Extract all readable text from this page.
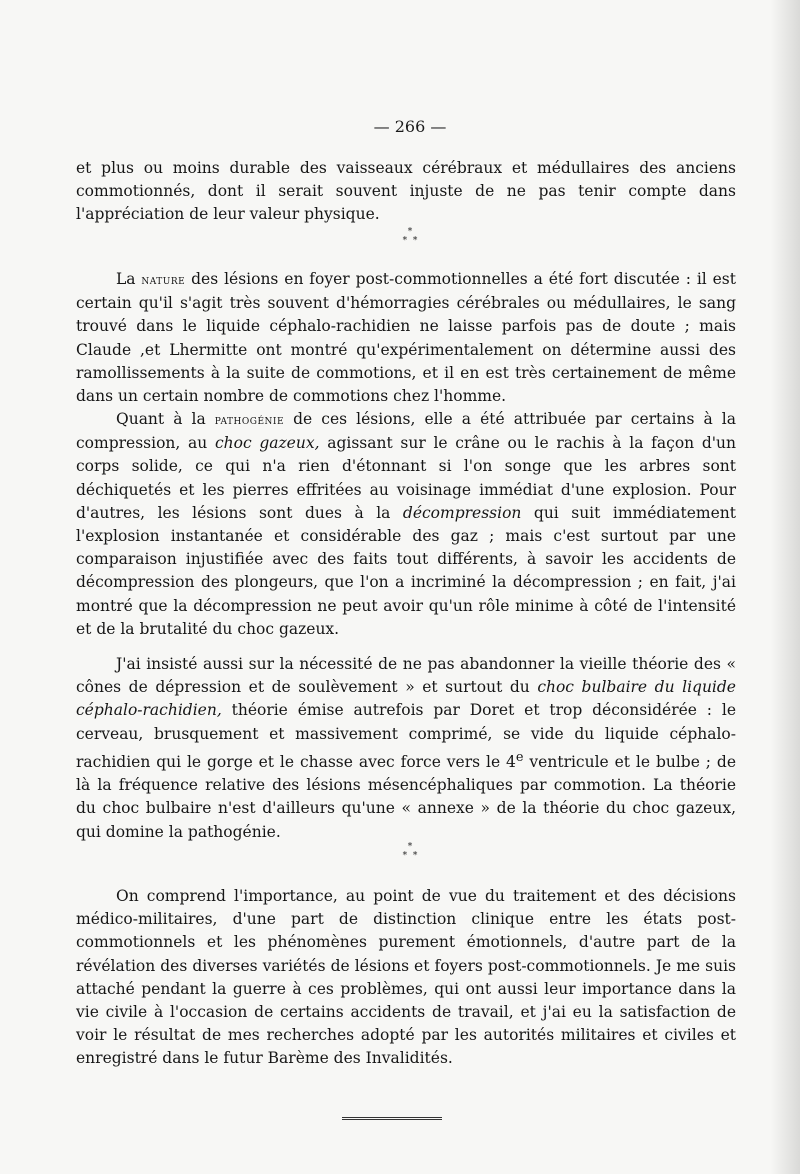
— 266 —

et plus ou moins durable des vaisseaux cérébraux et médullaires des anciens commotionnés, dont il serait souvent injuste de ne pas tenir compte dans l'appréciation de leur valeur physique.

*
*  *

La nature des lésions en foyer post-commotionnelles a été fort discutée : il est certain qu'il s'agit très souvent d'hémorragies cérébrales ou médullaires, le sang trouvé dans le liquide céphalo-rachidien ne laisse parfois pas de doute ; mais Claude ,et Lhermitte ont montré qu'expérimentalement on détermine aussi des ramollissements à la suite de commotions, et il en est très certainement de même dans un certain nombre de commotions chez l'homme.

Quant à la pathogénie de ces lésions, elle a été attribuée par certains à la compression, au choc gazeux, agissant sur le crâne ou le rachis à la façon d'un corps solide, ce qui n'a rien d'étonnant si l'on songe que les arbres sont déchiquetés et les pierres effritées au voisinage immédiat d'une explosion. Pour d'autres, les lésions sont dues à la décompression qui suit immédiatement l'explosion instantanée et considérable des gaz ; mais c'est surtout par une comparaison injustifiée avec des faits tout différents, à savoir les accidents de décompression des plongeurs, que l'on a incriminé la décompression ; en fait, j'ai montré que la décompression ne peut avoir qu'un rôle minime à côté de l'intensité et de la brutalité du choc gazeux.

J'ai insisté aussi sur la nécessité de ne pas abandonner la vieille théorie des « cônes de dépression et de soulèvement » et surtout du choc bulbaire du liquide céphalo-rachidien, théorie émise autrefois par Doret et trop déconsidérée : le cerveau, brusquement et massivement comprimé, se vide du liquide céphalo-rachidien qui le gorge et le chasse avec force vers le 4e ventricule et le bulbe ; de là la fréquence relative des lésions mésencéphaliques par commotion. La théorie du choc bulbaire n'est d'ailleurs qu'une « annexe » de la théorie du choc gazeux, qui domine la pathogénie.

*
*  *

On comprend l'importance, au point de vue du traitement et des décisions médico-militaires, d'une part de distinction clinique entre les états post-commotionnels et les phénomènes purement émotionnels, d'autre part de la révélation des diverses variétés de lésions et foyers post-commotionnels. Je me suis attaché pendant la guerre à ces problèmes, qui ont aussi leur importance dans la vie civile à l'occasion de certains accidents de travail, et j'ai eu la satisfaction de voir le résultat de mes recherches adopté par les autorités militaires et civiles et enregistré dans le futur Barème des Invalidités.
